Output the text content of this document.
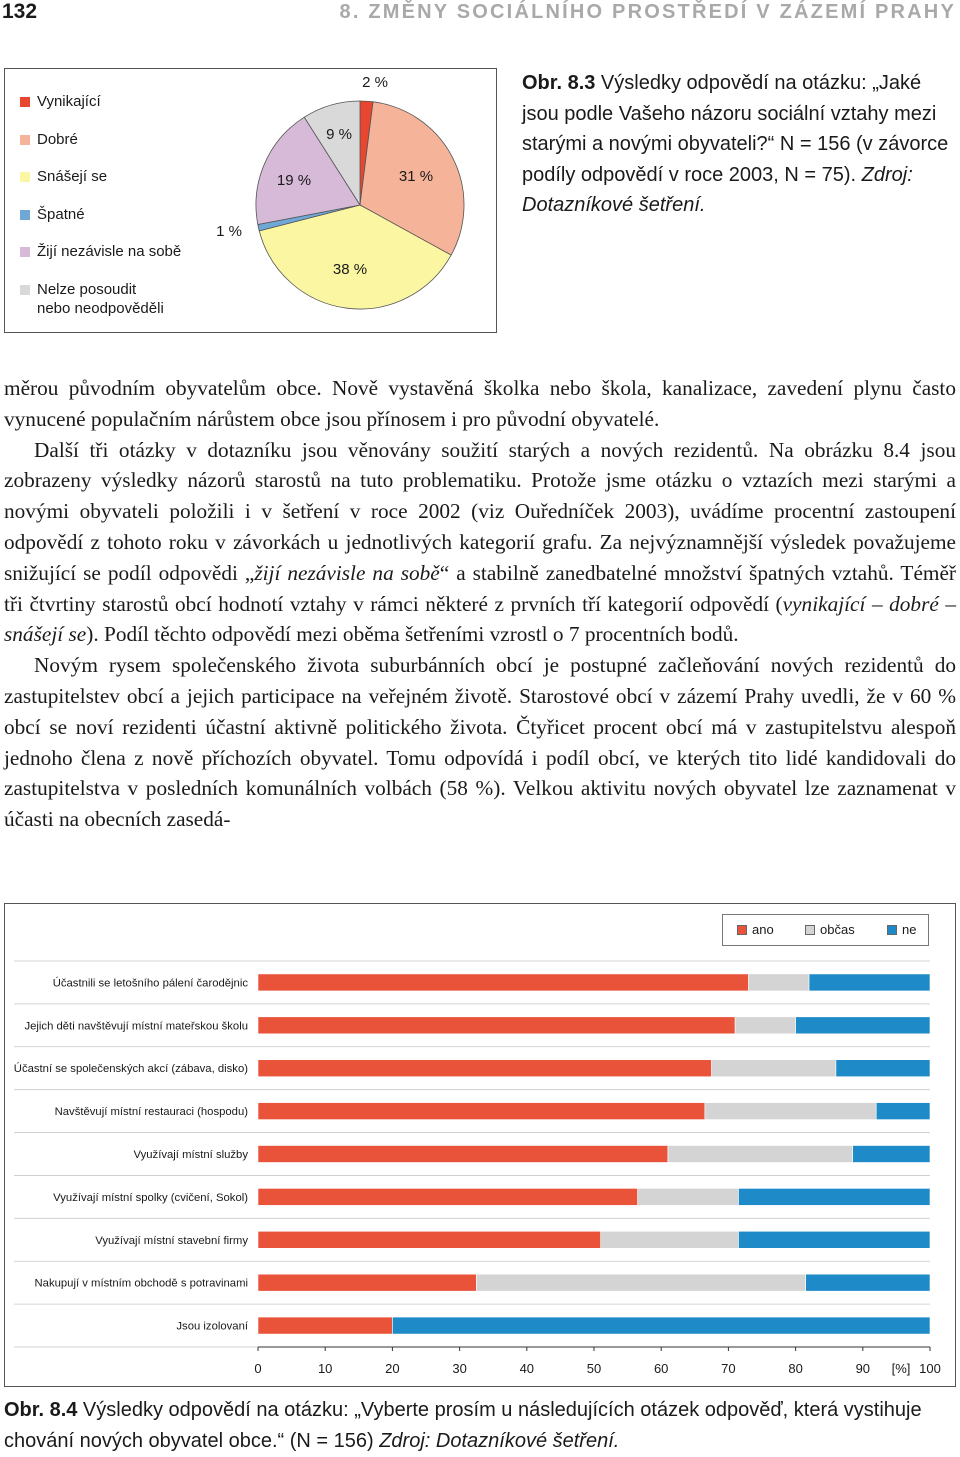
132	8. ZMĚNY SOCIÁLNÍHO PROSTŘEDÍ V ZÁZEMÍ PRAHY
Vynikající
Dobré
Snášejí se
Špatné
Žijí nezávisle na sobě
Nelze posoudit
nebo neodpověděli
2 %
31 %
38 %
1 %
19 %
9 %
Obr. 8.3 Výsledky odpovědí na otázku: „Jaké jsou podle Vašeho názoru sociální vztahy mezi starými a novými obyvateli?“ N = 156 (v závorce podíly odpovědí v roce 2003, N = 75). Zdroj: Dotazníkové šetření.

měrou původním obyvatelům obce. Nově vystavěná školka nebo škola, kanalizace, zavedení plynu často vynucené populačním nárůstem obce jsou přínosem i pro původní obyvatelé.

Další tři otázky v dotazníku jsou věnovány soužití starých a nových rezidentů. Na obrázku 8.4 jsou zobrazeny výsledky názorů starostů na tuto problematiku. Protože jsme otázku o vztazích mezi starými a novými obyvateli položili i v šetření v roce 2002 (viz Ouředníček 2003), uvádíme procentní zastoupení odpovědí z tohoto roku v závorkách u jednotlivých kategorií grafu. Za nejvýznamnější výsledek považujeme snižující se podíl odpovědi „žijí nezávisle na sobě“ a stabilně zanedbatelné množství špatných vztahů. Téměř tři čtvrtiny starostů obcí hodnotí vztahy v rámci některé z prvních tří kategorií odpovědí (vynikající – dobré – snášejí se). Podíl těchto odpovědí mezi oběma šetřeními vzrostl o 7 procentních bodů.

Novým rysem společenského života suburbánních obcí je postupné začleňování nových rezidentů do zastupitelstev obcí a jejich participace na veřejném životě. Starostové obcí v zázemí Prahy uvedli, že v 60 % obcí se noví rezidenti účastní aktivně politického života. Čtyřicet procent obcí má v zastupitelstvu alespoň jednoho člena z nově příchozích obyvatel. Tomu odpovídá i podíl obcí, ve kterých tito lidé kandidovali do zastupitelstva v posledních komunálních volbách (58 %). Velkou aktivitu nových obyvatel lze zaznamenat v účasti na obecních zasedá-

Účastnili se letošního pálení čarodějnic
Jejich děti navštěvují místní mateřskou školu
Účastní se společenských akcí (zábava, disko)
Navštěvují místní restauraci (hospodu)
Využívají místní služby
Využívají místní spolky (cvičení, Sokol)
Využívají místní stavební firmy
Nakupují v místním obchodě s potravinami
Jsou izolovaní
0	10	20	30	40	50	60	70	80	90	100
[%]
ano	občas	ne
Obr. 8.4 Výsledky odpovědí na otázku: „Vyberte prosím u následujících otázek odpověď, která vystihuje chování nových obyvatel obce.“ (N = 156) Zdroj: Dotazníkové šetření.
